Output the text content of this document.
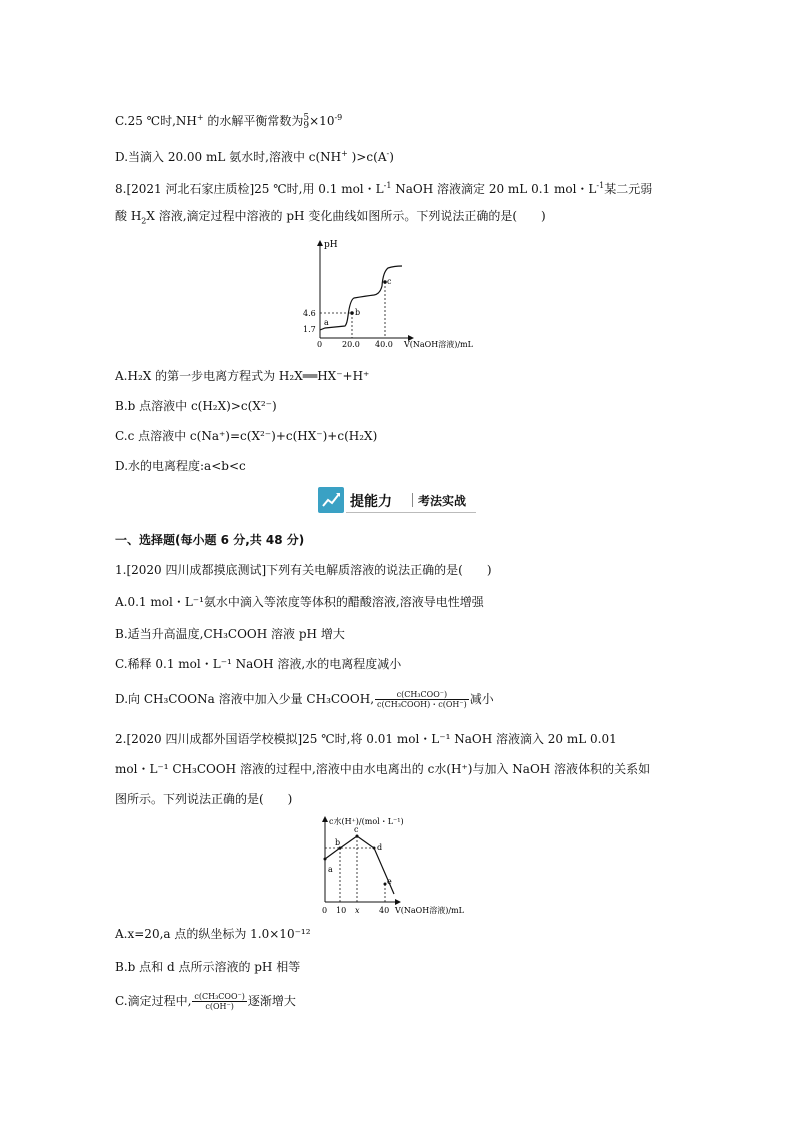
C.25 ℃时,NH+ 的水解平衡常数为 5
$9 \times 10^{-9}$
D.当滴入 20.00 mL 氨水时,溶液中 c(NH+ )>c(A-)
8.[2021 河北石家庄质检]25 ℃时,用 0.1 mol・$L^{-1}$ NaOH 溶液滴定 20 mL 0.1 mol・$L^{-1}$某二元弱
酸 $H_2X$ 溶液,滴定过程中溶液的 pH 变化曲线如图所示。下列说法正确的是(　　)
pH
4.6
1.7
0 20.0 40.0 V(NaOH溶液)/mL
a
b
c
A.H₂X 的第一步电离方程式为 H₂X══HX⁻+H⁺
B.b 点溶液中 c(H₂X)>c(X²⁻)
C.c 点溶液中 c(Na⁺)=c(X²⁻)+c(HX⁻)+c(H₂X)
D.水的电离程度:a<b<c
提能力 考法实战
一、选择题(每小题 6 分,共 48 分)
1.[2020 四川成都摸底测试]下列有关电解质溶液的说法正确的是(　　)
A.0.1 mol・L⁻¹氨水中滴入等浓度等体积的醋酸溶液,溶液导电性增强
B.适当升高温度,CH₃COOH 溶液 pH 增大
C.稀释 0.1 mol・L⁻¹ NaOH 溶液,水的电离程度减小
D.向 CH₃COONa 溶液中加入少量 CH₃COOH, $\frac{\text{c(CH₃COO⁻)}}{\text{c(CH₃COOH)・c(OH⁻)}}$ 减小
2.[2020 四川成都外国语学校模拟]25 ℃时,将 0.01 mol・L⁻¹ NaOH 溶液滴入 20 mL 0.01
mol・L⁻¹ CH₃COOH 溶液的过程中,溶液中由水电离出的 c水(H⁺)与加入 NaOH 溶液体积的关系如
图所示。下列说法正确的是(　　)
c水(H⁺)/(mol・L⁻¹)
0 10 x 40 V(NaOH溶液)/mL
a
b
c
d
e
A.x=20,a 点的纵坐标为 1.0×10⁻¹²
B.b 点和 d 点所示溶液的 pH 相等
C.滴定过程中, $\frac{\text{c(CH₃COO⁻)}}{c(OH^-)}$ 逐渐增大
